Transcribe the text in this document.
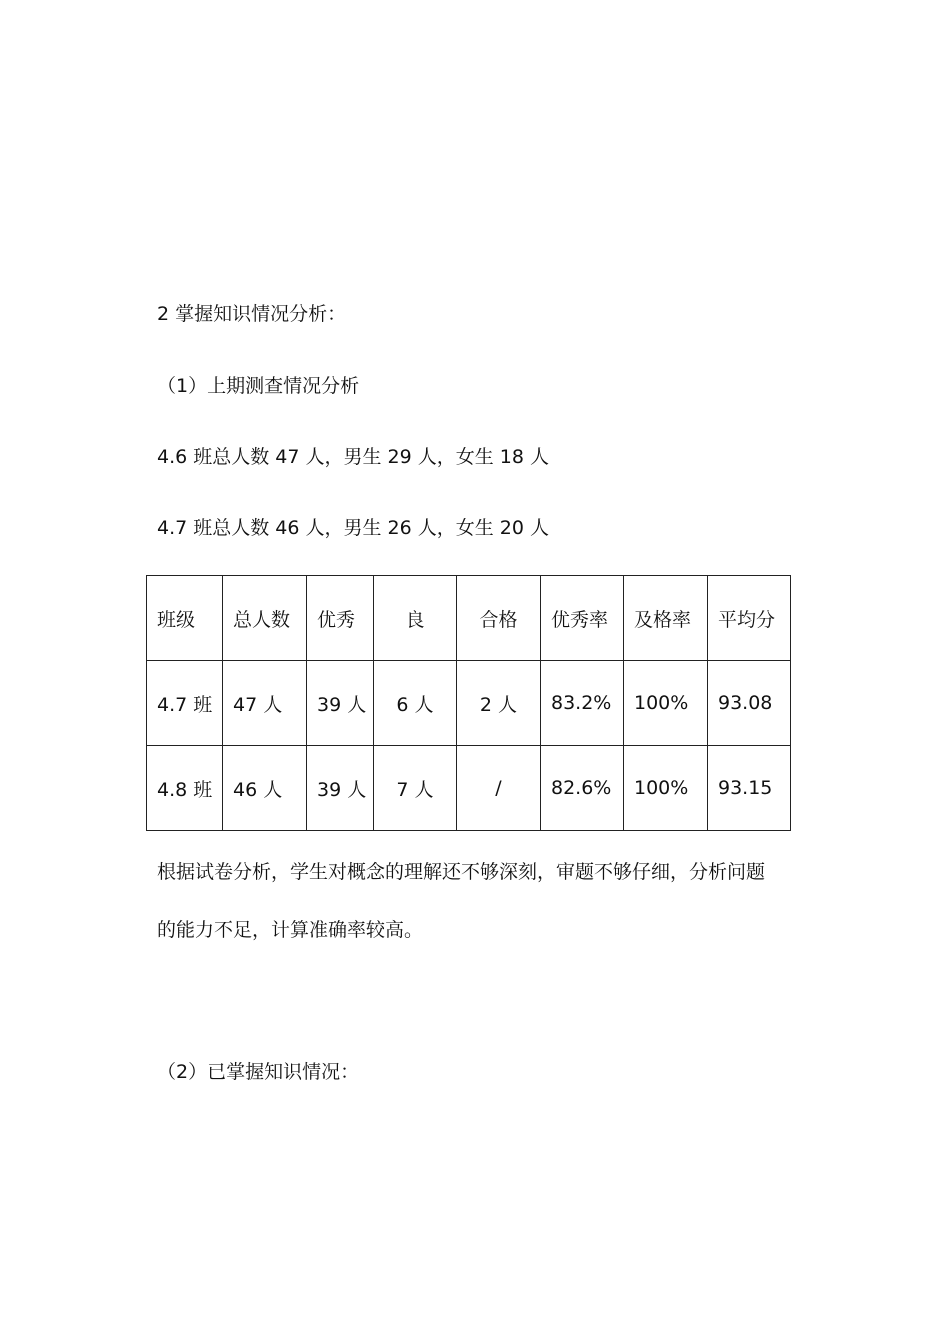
2 掌握知识情况分析：
（1）上期测查情况分析
4.6 班总人数 47 人，男生 29 人，女生 18 人
4.7 班总人数 46 人，男生 26 人，女生 20 人
班级	总人数	优秀	良	合格	优秀率	及格率	平均分
4.7 班	47 人	39 人	6 人	2 人	83.2%	100%	93.08
4.8 班	46 人	39 人	7 人	/	82.6%	100%	93.15
根据试卷分析，学生对概念的理解还不够深刻，审题不够仔细，分析问题
的能力不足，计算准确率较高。
（2）已掌握知识情况：
